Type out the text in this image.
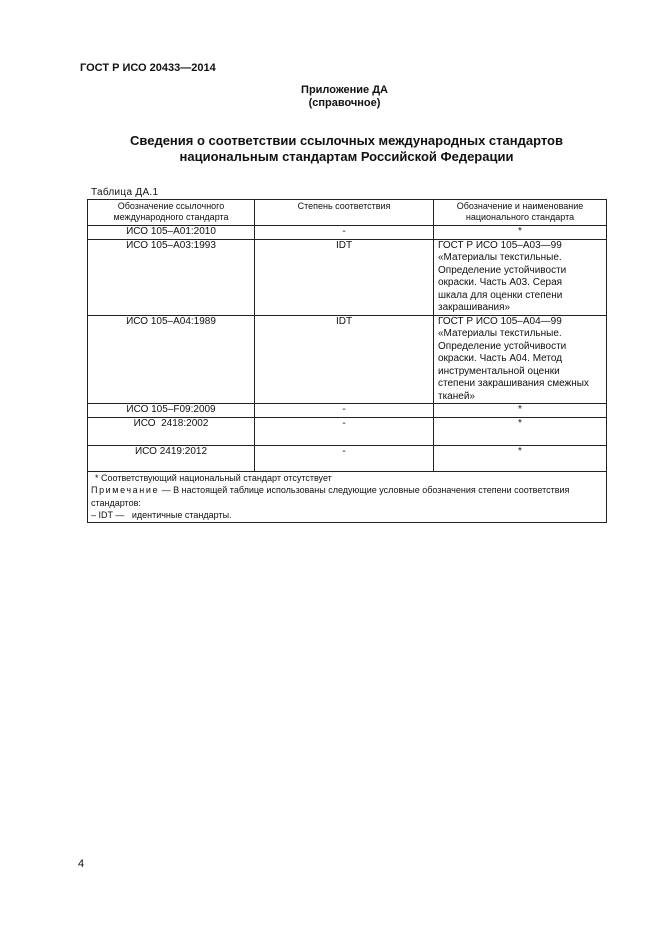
ГОСТ Р ИСО 20433—2014
Приложение ДА
(справочное)
Сведения о соответствии ссылочных международных стандартов
национальным стандартам Российской Федерации
Таблица ДА.1
Обозначение ссылочного международного стандарта	Степень соответствия	Обозначение и наименование национального стандарта
ИСО 105–А01:2010	-	*
ИСО 105–А03:1993	IDT	ГОСТ Р ИСО 105–А03—99 «Материалы текстильные. Определение устойчивости окраски. Часть А03. Серая шкала для оценки степени закрашивания»
ИСО 105–А04:1989	IDT	ГОСТ Р ИСО 105–А04—99 «Материалы текстильные. Определение устойчивости окраски. Часть А04. Метод инструментальной оценки степени закрашивания смежных тканей»
ИСО 105–F09:2009	-	*
ИСО  2418:2002	-	*
ИСО 2419:2012	-	*

* Соответствующий национальный стандарт отсутствует
Примечание — В настоящей таблице использованы следующие условные обозначения степени соответствия стандартов:
– IDT —   идентичные стандарты.		
4
